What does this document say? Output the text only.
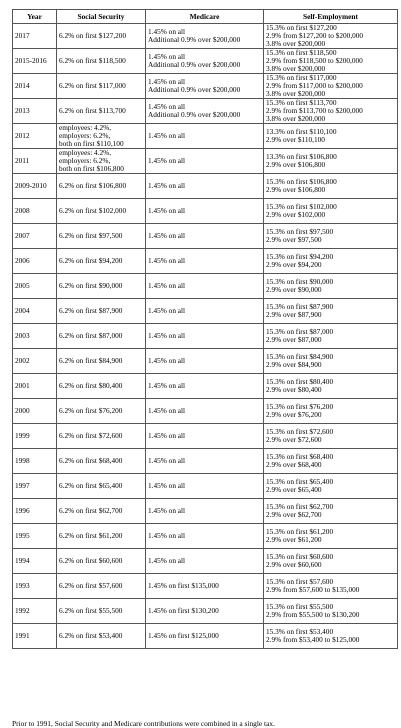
Year	Social Security	Medicare	Self-Employment
2017	6.2% on first $127,200	1.45% on all
Additional 0.9% over $200,000	15.3% on first $127,200
2.9% from $127,200 to $200,000
3.8% over $200,000
2015-2016	6.2% on first $118,500	1.45% on all
Additional 0.9% over $200,000	15.3% on first $118,500
2.9% from $118,500 to $200,000
3.8% over $200,000
2014	6.2% on first $117,000	1.45% on all
Additional 0.9% over $200,000	15.3% on first $117,000
2.9% from $117,000 to $200,000
3.8% over $200,000
2013	6.2% on first $113,700	1.45% on all
Additional 0.9% over $200,000	15.3% on first $113,700
2.9% from $113,700 to $200,000
3.8% over $200,000
2012	employees: 4.2%,
employers: 6.2%,
both on first $110,100	1.45% on all	13.3% on first $110,100
2.9% over $110,100
2011	employees: 4.2%,
employers: 6.2%,
both on first $106,800	1.45% on all	13.3% on first $106,800
2.9% over $106,800
2009-2010	6.2% on first $106,800	1.45% on all	15.3% on first $106,800
2.9% over $106,800
2008	6.2% on first $102,000	1.45% on all	15.3% on first $102,000
2.9% over $102,000
2007	6.2% on first $97,500	1.45% on all	15.3% on first $97,500
2.9% over $97,500
2006	6.2% on first $94,200	1.45% on all	15.3% on first $94,200
2.9% over $94,200
2005	6.2% on first $90,000	1.45% on all	15.3% on first $90,000
2.9% over $90,000
2004	6.2% on first $87,900	1.45% on all	15.3% on first $87,900
2.9% over $87,900
2003	6.2% on first $87,000	1.45% on all	15.3% on first $87,000
2.9% over $87,000
2002	6.2% on first $84,900	1.45% on all	15.3% on first $84,900
2.9% over $84,900
2001	6.2% on first $80,400	1.45% on all	15.3% on first $80,400
2.9% over $80,400
2000	6.2% on first $76,200	1.45% on all	15.3% on first $76,200
2.9% over $76,200
1999	6.2% on first $72,600	1.45% on all	15.3% on first $72,600
2.9% over $72,600
1998	6.2% on first $68,400	1.45% on all	15.3% on first $68,400
2.9% over $68,400
1997	6.2% on first $65,400	1.45% on all	15.3% on first $65,400
2.9% over $65,400
1996	6.2% on first $62,700	1.45% on all	15.3% on first $62,700
2.9% over $62,700
1995	6.2% on first $61,200	1.45% on all	15.3% on first $61,200
2.9% over $61,200
1994	6.2% on first $60,600	1.45% on all	15.3% on first $60,600
2.9% over $60,600
1993	6.2% on first $57,600	1.45% on first $135,000	15.3% on first $57,600
2.9% from $57,600 to $135,000
1992	6.2% on first $55,500	1.45% on first $130,200	15.3% on first $55,500
2.9% from $55,500 to $130,200
1991	6.2% on first $53,400	1.45% on first $125,000	15.3% on first $53,400
2.9% from $53,400 to $125,000
Prior to 1991, Social Security and Medicare contributions were combined in a single tax.
